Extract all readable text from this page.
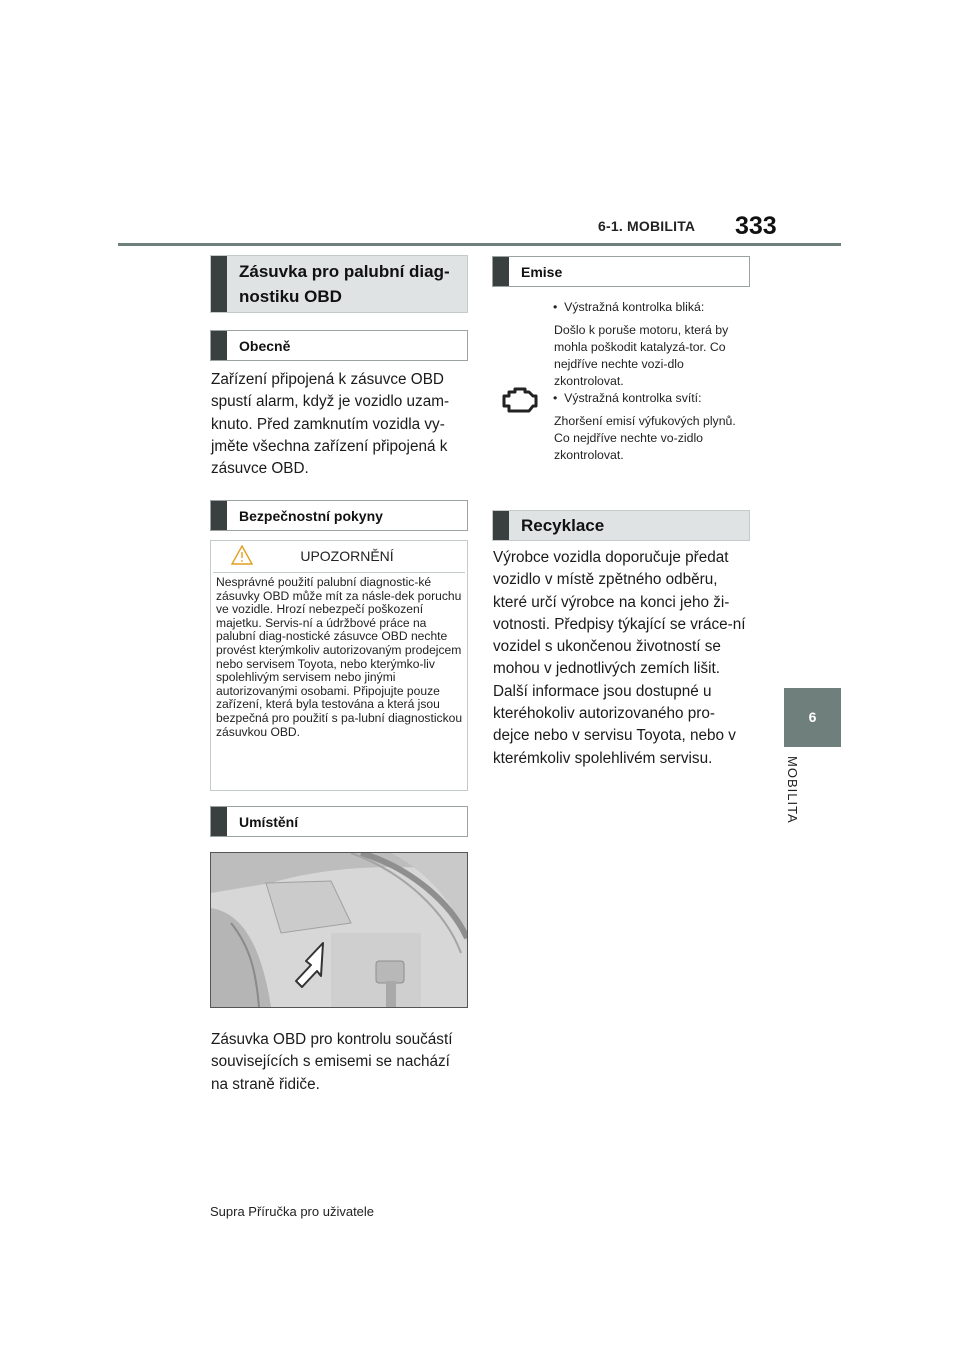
6-1. MOBILITA 333
6
MOBILITA
Zásuvka pro palubní diag-
nostiku OBD
Obecně
Zařízení připojená k zásuvce OBD spustí alarm, když je vozidlo uzam-knuto. Před zamknutím vozidla vy-jměte všechna zařízení připojená k zásuvce OBD.
Bezpečnostní pokyny
UPOZORNĚNÍ
Nesprávné použití palubní diagnostic-ké zásuvky OBD může mít za násle-dek poruchu ve vozidle. Hrozí nebezpečí poškození majetku. Servis-ní a údržbové práce na palubní diag-nostické zásuvce OBD nechte provést kterýmkoliv autorizovaným prodejcem nebo servisem Toyota, nebo kterýmko-liv spolehlivým servisem nebo jinými autorizovanými osobami. Připojujte pouze zařízení, která byla testována a která jsou bezpečná pro použití s pa-lubní diagnostickou zásuvkou OBD.
Umístění
Zásuvka OBD pro kontrolu součástí souvisejících s emisemi se nachází na straně řidiče.
Emise
•  Výstražná kontrolka bliká:
Došlo k poruše motoru, která by mohla poškodit katalyzá-tor. Co nejdříve nechte vozi-dlo zkontrolovat.
•  Výstražná kontrolka svítí:
Zhoršení emisí výfukových plynů. Co nejdříve nechte vo-zidlo zkontrolovat.
Recyklace
Výrobce vozidla doporučuje předat vozidlo v místě zpětného odběru, které určí výrobce na konci jeho ži-votnosti. Předpisy týkající se vrácе-ní vozidel s ukončenou životností se mohou v jednotlivých zemích lišit. Další informace jsou dostupné u kteréhokoliv autorizovaného pro-dejce nebo v servisu Toyota, nebo v kterémkoliv spolehlivém servisu.
Supra Příručka pro uživatele
